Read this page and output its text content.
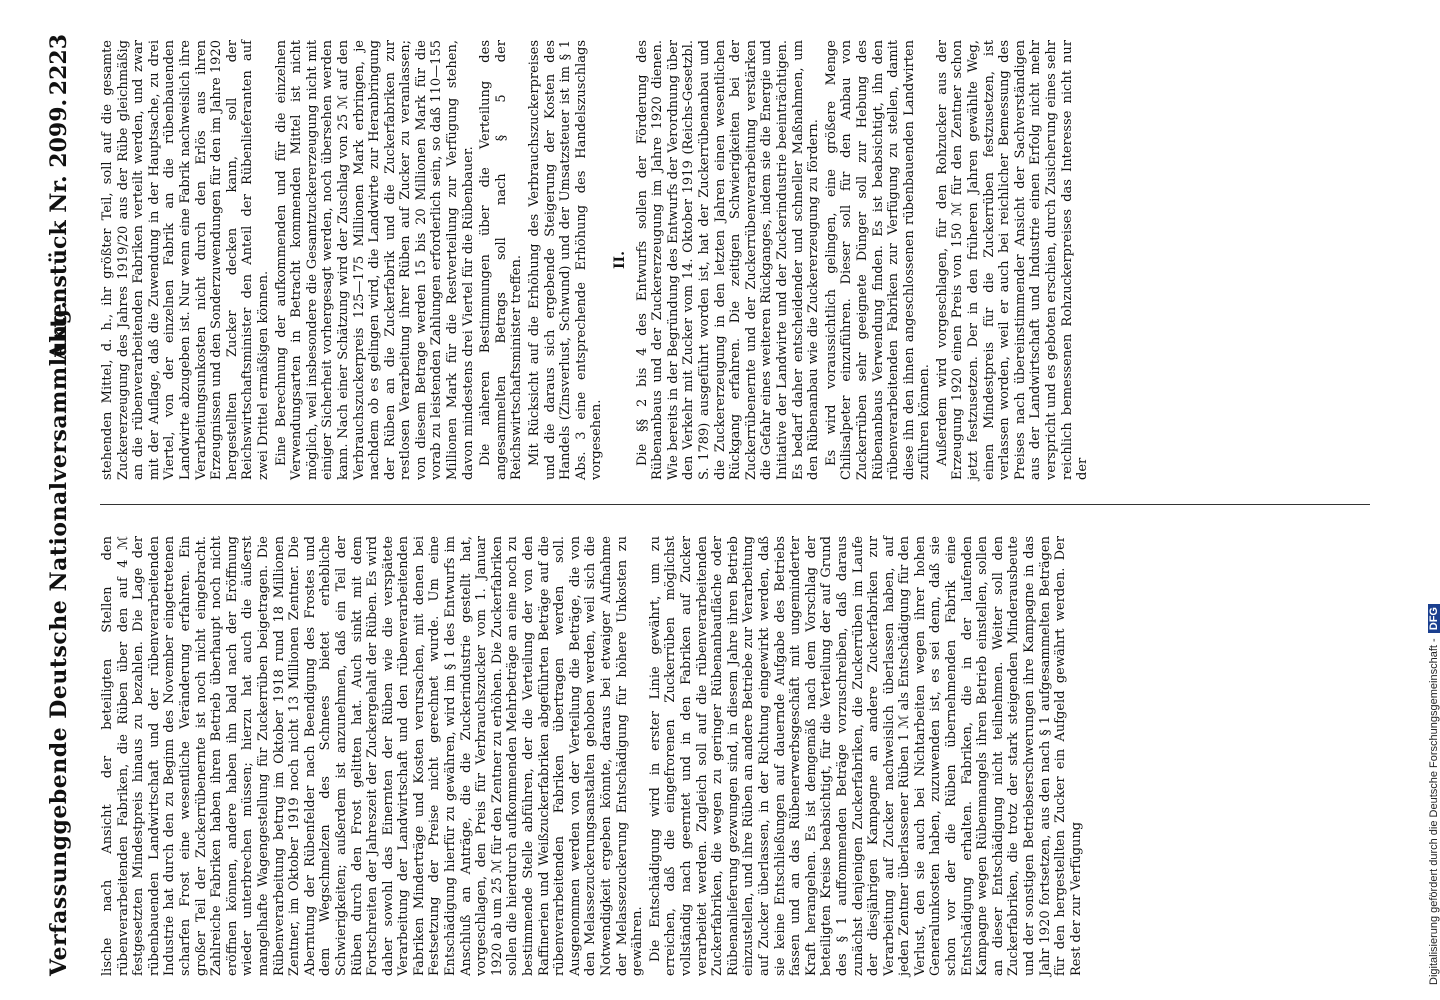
Verfassunggebende Deutsche Nationalversammlung.
Aktenstück Nr. 2099.
2223

lische nach Ansicht der beteiligten Stellen den rübenverarbeitenden Fabriken, die Rüben über den auf 4 ℳ festgesetzten Mindestpreis hinaus zu bezahlen. Die Lage der rübenbauenden Landwirtschaft und der rübenverarbeitenden Industrie hat durch den zu Beginn des November eingetretenen scharfen Frost eine wesentliche Veränderung erfahren. Ein großer Teil der Zuckerrübenernte ist noch nicht eingebracht. Zahlreiche Fabriken haben ihren Betrieb überhaupt noch nicht eröffnen können, andere haben ihn bald nach der Eröffnung wieder unterbrechen müssen; hierzu hat auch die äußerst mangelhafte Wagengestellung für Zuckerrüben beigetragen. Die Rübenverarbeitung betrug im Oktober 1918 rund 18 Millionen Zentner, im Oktober 1919 noch nicht 13 Millionen Zentner. Die Aberntung der Rübenfelder nach Beendigung des Frostes und dem Wegschmelzen des Schnees bietet erhebliche Schwierigkeiten; außerdem ist anzunehmen, daß ein Teil der Rüben durch den Frost gelitten hat. Auch sinkt mit dem Fortschreiten der Jahreszeit der Zuckergehalt der Rüben. Es wird daher sowohl das Einernten der Rüben wie die verspätete Verarbeitung der Landwirtschaft und den rübenverarbeitenden Fabriken Minderträge und Kosten verursachen, mit denen bei Festsetzung der Preise nicht gerechnet wurde. Um eine Entschädigung hierfür zu gewähren, wird im § 1 des Entwurfs im Anschluß an Anträge, die die Zuckerindustrie gestellt hat, vorgeschlagen, den Preis für Verbrauchszucker vom 1. Januar 1920 ab um 25 ℳ für den Zentner zu erhöhen. Die Zuckerfabriken sollen die hierdurch aufkommenden Mehrbeträge an eine noch zu bestimmende Stelle abführen, der die Verteilung der von den Raffinerien und Weißzuckerfabriken abgeführten Beträge auf die rübenverarbeitenden Fabriken übertragen werden soll. Ausgenommen werden von der Verteilung die Beträge, die von den Melassezuckerungsanstalten gehoben werden, weil sich die Notwendigkeit ergeben könnte, daraus bei etwaiger Aufnahme der Melassezuckerung Entschädigung für höhere Unkosten zu gewähren. Die Entschädigung wird in erster Linie gewährt, um zu erreichen, daß die eingefrorenen Zuckerrüben möglichst vollständig nach geerntet und in den Fabriken auf Zucker verarbeitet werden. Zugleich soll auf die rübenverarbeitenden Zuckerfabriken, die wegen zu geringer Rübenanbaufläche oder Rübenanlieferung gezwungen sind, in diesem Jahre ihren Betrieb einzustellen, und ihre Rüben an andere Betriebe zur Verarbeitung auf Zucker überlassen, in der Richtung eingewirkt werden, daß sie keine Entschließungen auf dauernde Aufgabe des Betriebs fassen und an das Rübenerwerbsgeschäft mit ungeminderter Kraft herangehen. Es ist demgemäß nach dem Vorschlag der beteiligten Kreise beabsichtigt, für die Verteilung der auf Grund des § 1 auffommenden Beträge vorzuschreiben, daß daraus zunächst denjenigen Zuckerfabriken, die Zuckerrüben im Laufe der diesjährigen Kampagne an andere Zuckerfabriken zur Verarbeitung auf Zucker nachweislich überlassen haben, auf jeden Zentner überlassener Rüben 1 ℳ als Entschädigung für den Verlust, den sie auch bei Nichtarbeiten wegen ihrer hohen Generalunkosten haben, zuzuwenden ist, es sei denn, daß sie schon vor der die Rüben übernehmenden Fabrik eine Entschädigung erhalten. Fabriken, die in der laufenden Kampagne wegen Rübenmangels ihren Betrieb einstellen, sollen an dieser Entschädigung nicht teilnehmen. Weiter soll den Zuckerfabriken, die trotz der stark steigenden Minderausbeute und der sonstigen Betriebserschwerungen ihre Kampagne in das Jahr 1920 fortsetzen, aus den nach § 1 aufgesammelten Beträgen für den hergestellten Zucker ein Aufgeld gewährt werden. Der Rest der zur Verfügung

stehenden Mittel, d. h., ihr größter Teil, soll auf die gesamte Zuckererzeugung des Jahres 1919/20 aus der Rübe gleichmäßig an die rübenverarbeitenden Fabriken verteilt werden, und zwar mit der Auflage, daß die Zuwendung in der Hauptsache, zu drei Viertel, von der einzelnen Fabrik an die rübenbauenden Landwirte abzugeben ist. Nur wenn eine Fabrik nachweislich ihre Verarbeitungsunkosten nicht durch den Erlös aus ihren Erzeugnissen und den Sonderzuwendungen für den im Jahre 1920 hergestellten Zucker decken kann, soll der Reichswirtschaftsminister den Anteil der Rübenlieferanten auf zwei Drittel ermäßigen können. Eine Berechnung der aufkommenden und für die einzelnen Verwendungsarten in Betracht kommenden Mittel ist nicht möglich, weil insbesondere die Gesamtzuckererzeugung nicht mit einiger Sicherheit vorhergesagt werden, noch übersehen werden kann. Nach einer Schätzung wird der Zuschlag von 25 ℳ auf den Verbrauchszuckerpreis 125—175 Millionen Mark erbringen, je nachdem ob es gelingen wird, die Landwirte zur Heranbringung der Rüben an die Zuckerfabrik und die Zuckerfabriken zur restlosen Verarbeitung ihrer Rüben auf Zucker zu veranlassen; von diesem Betrage werden 15 bis 20 Millionen Mark für die vorab zu leistenden Zahlungen erforderlich sein, so daß 110—155 Millionen Mark für die Restverteilung zur Verfügung stehen, davon mindestens drei Viertel für die Rübenbauer. Die näheren Bestimmungen über die Verteilung des angesammelten Betrags soll nach § 5 der Reichswirtschaftsminister treffen. Mit Rücksicht auf die Erhöhung des Verbrauchszuckerpreises und die daraus sich ergebende Steigerung der Kosten des Handels (Zinsverlust, Schwund) und der Umsatzsteuer ist im § 1 Abs. 3 eine entsprechende Erhöhung des Handelszuschlags vorgesehen.

II. Die §§ 2 bis 4 des Entwurfs sollen der Förderung des Rübenanbaus und der Zuckererzeugung im Jahre 1920 dienen. Wie bereits in der Begründung des Entwurfs der Verordnung über den Verkehr mit Zucker vom 14. Oktober 1919 (Reichs-Gesetzbl. S. 1789) ausgeführt worden ist, hat der Zuckerrübenanbau und die Zuckererzeugung in den letzten Jahren einen wesentlichen Rückgang erfahren. Die zeitigen Schwierigkeiten bei der Zuckerrübenernte und der Zuckerrübenverarbeitung verstärken die Gefahr eines weiteren Rückganges, indem sie die Energie und Initiative der Landwirte und der Zuckerindustrie beeinträchtigen. Es bedarf daher entscheidender und schneller Maßnahmen, um den Rübenanbau wie die Zuckererzeugung zu fördern. Es wird voraussichtlich gelingen, eine größere Menge Chilisalpeter einzuführen. Dieser soll für den Anbau von Zuckerrüben sehr geeignete Dünger soll zur Hebung des Rübenanbaus Verwendung finden. Es ist beabsichtigt, ihn den rübenverarbeitenden Fabriken zur Verfügung zu stellen, damit diese ihn den ihnen angeschlossenen rübenbauenden Landwirten zuführen können. Außerdem wird vorgeschlagen, für den Rohzucker aus der Erzeugung 1920 einen Preis von 150 ℳ für den Zentner schon jetzt festzusetzen. Der in den früheren Jahren gewählte Weg, einen Mindestpreis für die Zuckerrüben festzusetzen, ist verlassen worden, weil er auch bei reichlicher Bemessung des Preises nach übereinstimmender Ansicht der Sachverständigen aus der Landwirtschaft und Industrie einen Erfolg nicht mehr verspricht und es geboten erschien, durch Zusicherung eines sehr reichlich bemessenen Rohzuckerpreises das Interesse nicht nur der

Digitalisierung gefördert durch die Deutsche Forschungsgemeinschaft - DFG
